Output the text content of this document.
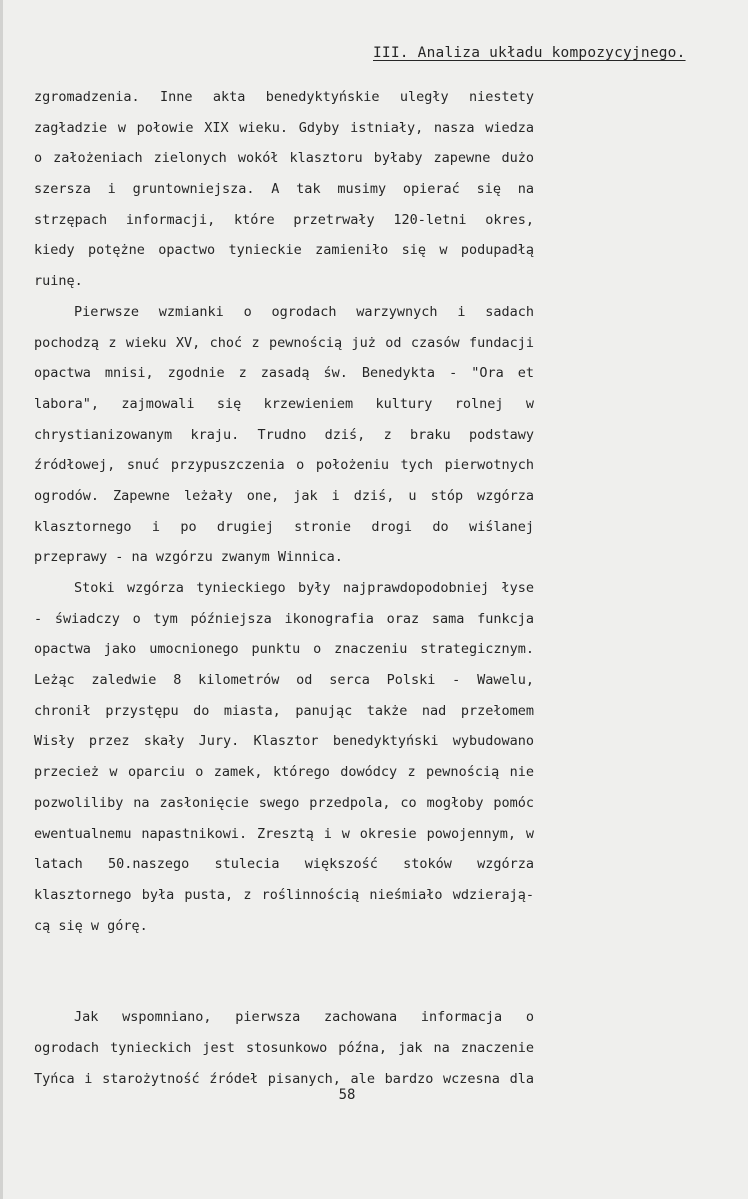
III. Analiza układu kompozycyjnego.
zgromadzenia. Inne akta benedyktyńskie uległy niestety
zagładzie w połowie XIX wieku. Gdyby istniały, nasza wiedza
o założeniach zielonych wokół klasztoru byłaby zapewne dużo
szersza i gruntowniejsza. A tak musimy opierać się na
strzępach informacji, które przetrwały 120-letni okres,
kiedy potężne opactwo tynieckie zamieniło się w podupadłą
ruinę.
Pierwsze wzmianki o ogrodach warzywnych i sadach
pochodzą z wieku XV, choć z pewnością już od czasów fundacji
opactwa mnisi, zgodnie z zasadą św. Benedykta - "Ora et
labora", zajmowali się krzewieniem kultury rolnej w
chrystianizowanym kraju. Trudno dziś, z braku podstawy
źródłowej, snuć przypuszczenia o położeniu tych pierwotnych
ogrodów. Zapewne leżały one, jak i dziś, u stóp wzgórza
klasztornego i po drugiej stronie drogi do wiślanej
przeprawy - na wzgórzu zwanym Winnica.
Stoki wzgórza tynieckiego były najprawdopodobniej łyse
- świadczy o tym późniejsza ikonografia oraz sama funkcja
opactwa jako umocnionego punktu o znaczeniu strategicznym.
Leżąc zaledwie 8 kilometrów od serca Polski - Wawelu,
chronił przystępu do miasta, panując także nad przełomem
Wisły przez skały Jury. Klasztor benedyktyński wybudowano
przecież w oparciu o zamek, którego dowódcy z pewnością nie
pozwoliliby na zasłonięcie swego przedpola, co mogłoby pomóc
ewentualnemu napastnikowi. Zresztą i w okresie powojennym, w
latach 50.naszego stulecia większość stoków wzgórza
klasztornego była pusta, z roślinnością nieśmiało wdzierają-
cą się w górę.
Jak wspomniano, pierwsza zachowana informacja o
ogrodach tynieckich jest stosunkowo późna, jak na znaczenie
Tyńca i starożytność źródeł pisanych, ale bardzo wczesna dla
58
